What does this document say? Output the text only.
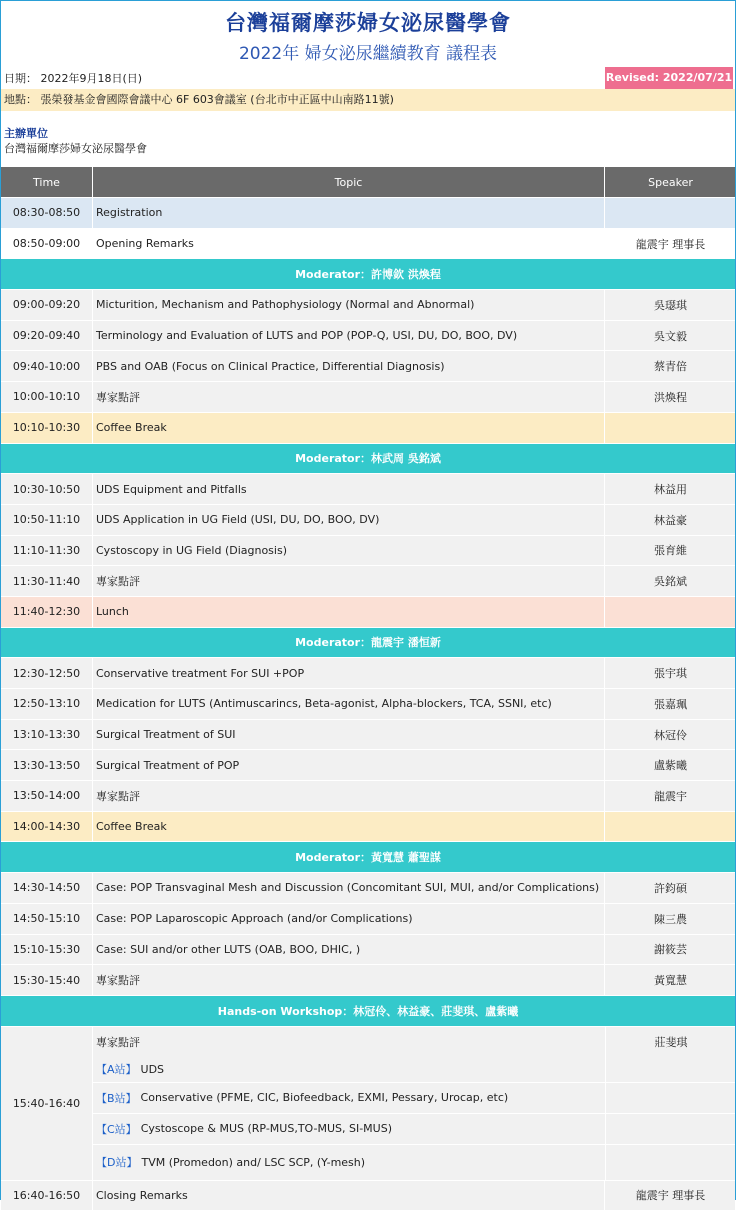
台灣福爾摩莎婦女泌尿醫學會
2022年 婦女泌尿繼續教育 議程表
日期： 2022年9月18日(日)	Revised: 2022/07/21
地點： 張榮發基金會國際會議中心 6F 603會議室 (台北市中正區中山南路11號)
主辦單位
台灣福爾摩莎婦女泌尿醫學會
Time	Topic	Speaker
08:30-08:50	Registration
08:50-09:00	Opening Remarks	龍震宇 理事長
Moderator：許博欽 洪煥程
09:00-09:20	Micturition, Mechanism and Pathophysiology (Normal and Abnormal)	吳璱琪
09:20-09:40	Terminology and Evaluation of LUTS and POP (POP-Q, USI, DU, DO, BOO, DV)	吳文毅
09:40-10:00	PBS and OAB (Focus on Clinical Practice, Differential Diagnosis)	蔡青倍
10:00-10:10	專家點評	洪煥程
10:10-10:30	Coffee Break
Moderator：林武周 吳銘斌
10:30-10:50	UDS Equipment and Pitfalls	林益用
10:50-11:10	UDS Application in UG Field (USI, DU, DO, BOO, DV)	林益豪
11:10-11:30	Cystoscopy in UG Field (Diagnosis)	張育維
11:30-11:40	專家點評	吳銘斌
11:40-12:30	Lunch
Moderator：龍震宇 潘恒新
12:30-12:50	Conservative treatment For SUI +POP	張宇琪
12:50-13:10	Medication for LUTS (Antimuscarincs, Beta-agonist, Alpha-blockers, TCA, SSNI, etc)	張嘉珮
13:10-13:30	Surgical Treatment of SUI	林冠伶
13:30-13:50	Surgical Treatment of POP	盧紫曦
13:50-14:00	專家點評	龍震宇
14:00-14:30	Coffee Break
Moderator：黃寬慧 蕭聖謀
14:30-14:50	Case: POP Transvaginal Mesh and Discussion (Concomitant SUI, MUI, and/or Complications)	許鈞碩
14:50-15:10	Case: POP Laparoscopic Approach (and/or Complications)	陳三農
15:10-15:30	Case: SUI and/or other LUTS (OAB, BOO, DHIC, )	謝筱芸
15:30-15:40	專家點評	黃寬慧
Hands-on Workshop：林冠伶、林益豪、莊斐琪、盧紫曦
15:40-16:40
專家點評	莊斐琪
【A站】 UDS
【B站】 Conservative (PFME, CIC, Biofeedback, EXMI, Pessary, Urocap, etc)
【C站】 Cystoscope & MUS (RP-MUS,TO-MUS, SI-MUS)
【D站】 TVM (Promedon) and/ LSC SCP, (Y-mesh)
16:40-16:50	Closing Remarks	龍震宇 理事長
